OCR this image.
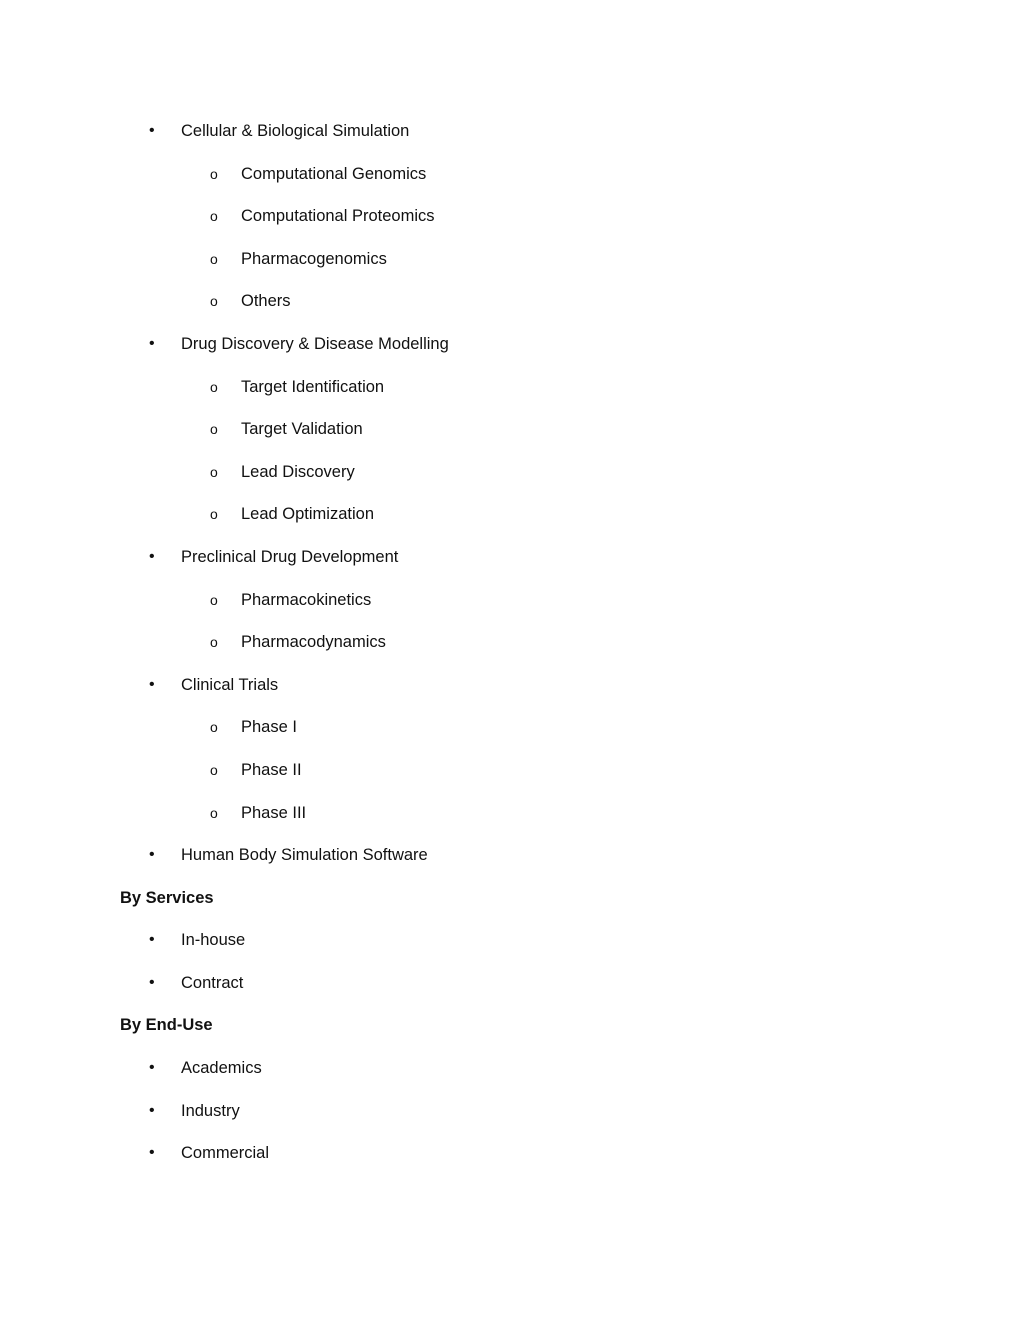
• Cellular & Biological Simulation
o Computational Genomics
o Computational Proteomics
o Pharmacogenomics
o Others
• Drug Discovery & Disease Modelling
o Target Identification
o Target Validation
o Lead Discovery
o Lead Optimization
• Preclinical Drug Development
o Pharmacokinetics
o Pharmacodynamics
• Clinical Trials
o Phase I
o Phase II
o Phase III
• Human Body Simulation Software
By Services
• In-house
• Contract
By End-Use
• Academics
• Industry
• Commercial
